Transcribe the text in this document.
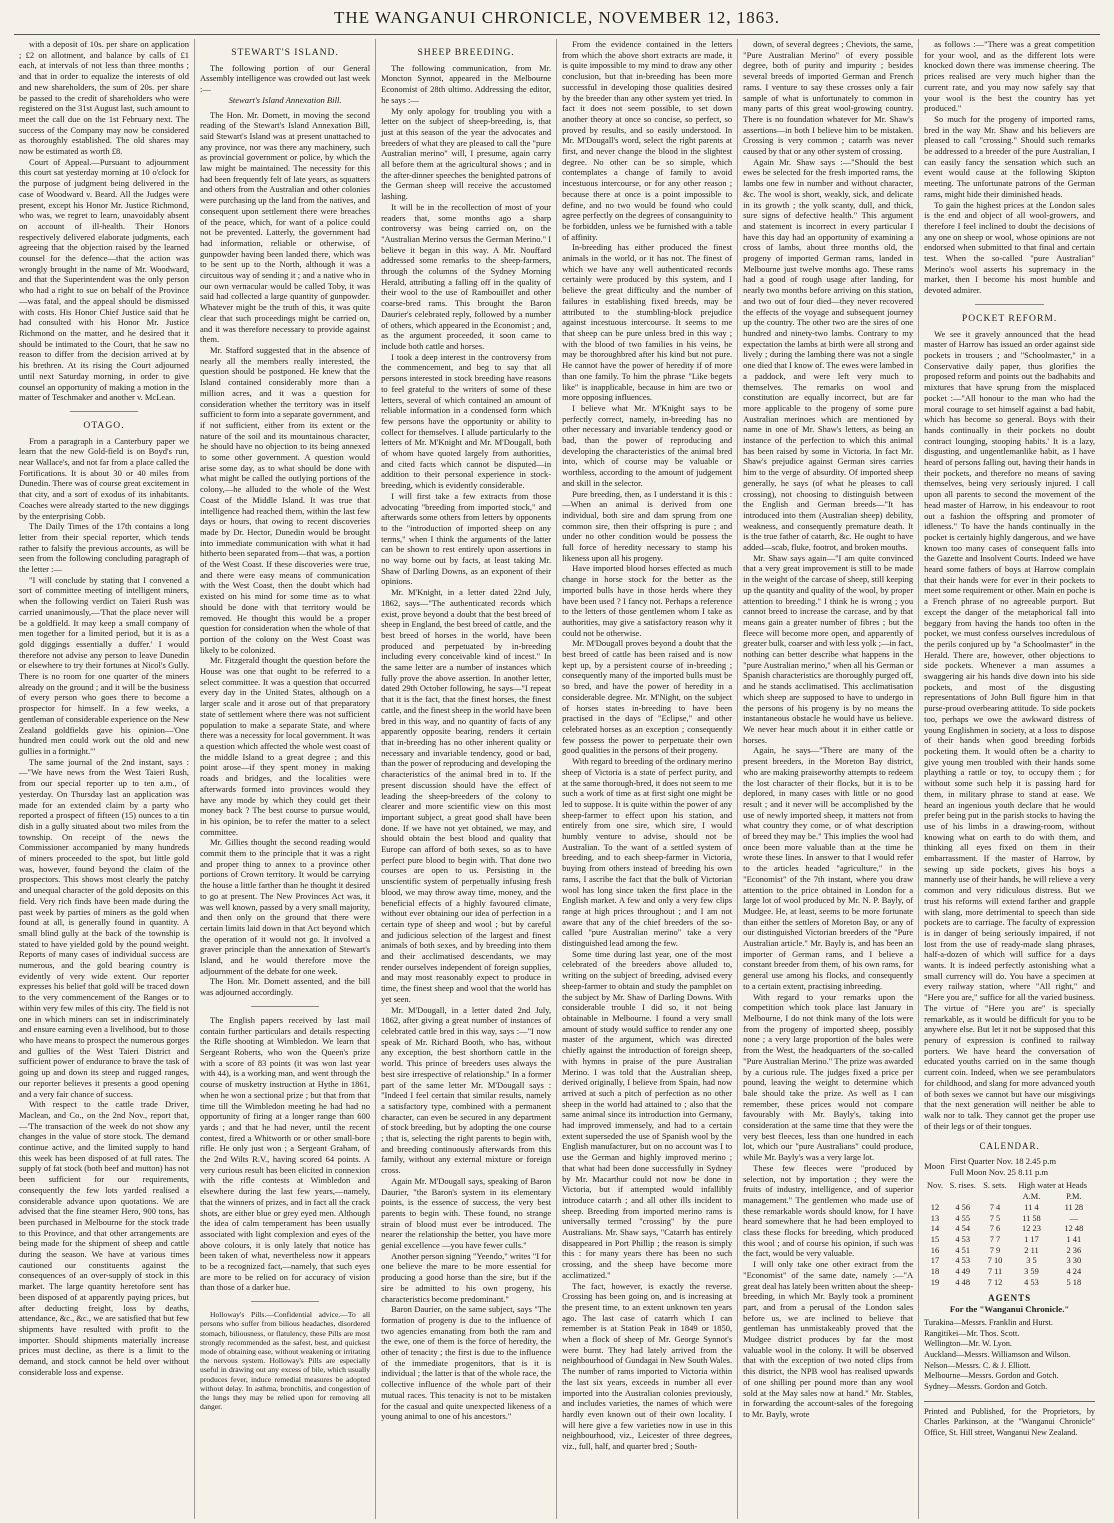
THE WANGANUI CHRONICLE, NOVEMBER 12, 1863.

with a deposit of 10s. per share on application ; £2 on allotment, and balance by calls of £1 each, at intervals of not less than three months ; and that in order to equalize the interests of old and new shareholders, the sum of 20s. per share be passed to the credit of shareholders who were registered on the 31st August last, such amount to meet the call due on the 1st February next. The success of the Company may now be considered as thoroughly established. The old shares may now be estimated as worth £8.

Court of Appeal.—Pursuant to adjournment this court sat yesterday morning at 10 o'clock for the purpose of judgment being delivered in the case of Woodward v. Beard. All the Judges were present, except his Honor Mr. Justice Richmond, who was, we regret to learn, unavoidably absent on account of ill-health. Their Honors respectively delivered elaborate judgments, each agreeing that the objection raised by the learned counsel for the defence—that the action was wrongly brought in the name of Mr. Woodward, and that the Superintendent was the only person who had a right to sue on behalf of the Province—was fatal, and the appeal should be dismissed with costs. His Honor Chief Justice said that he had consulted with his Honor Mr. Justice Richmond on the matter, and he desired that it should be intimated to the Court, that he saw no reason to differ from the decision arrived at by his brethren. At its rising the Court adjourned until next Saturday morning, in order to give counsel an opportunity of making a motion in the matter of Teschmaker and another v. McLean.

OTAGO.

From a paragraph in a Canterbury paper we learn that the new Gold-field is on Boyd's run, near Wallace's, and not far from a place called the Fortifications. It is about 30 or 40 miles from Dunedin. There was of course great excitement in that city, and a sort of exodus of its inhabitants. Coaches were already started to the new diggings by the enterprising Cobb.

The Daily Times of the 17th contains a long letter from their special reporter, which tends rather to falsify the previous accounts, as will be seen from the following concluding paragraph of the letter :—

"I will conclude by stating that I convened a sort of committee meeting of intelligent miners, when the following verdict on Taieri Rush was carried unanimously,—'That the place never will be a goldfield. It may keep a small company of men together for a limited period, but it is as a gold diggings essentially a duffer.' I would therefore not advise any person to leave Dunedin or elsewhere to try their fortunes at Nicol's Gully. There is no room for one quarter of the miners already on the ground ; and it will be the business of every person who goes there to become a prospector for himself. In a few weeks, a gentleman of considerable experience on the New Zealand goldfields gave his opinion—'One hundred men could work out the old and new gullies in a fortnight.'"

The same journal of the 2nd instant, says :—"We have news from the West Taieri Rush, from our special reporter up to ten a.m., of yesterday. On Thursday last an application was made for an extended claim by a party who reported a prospect of fifteen (15) ounces to a tin dish in a gully situated about two miles from the township. On receipt of the news the Commissioner accompanied by many hundreds of miners proceeded to the spot, but little gold was, however, found beyond the claim of the prospectors. This shows most clearly the patchy and unequal character of the gold deposits on this field. Very rich finds have been made during the past week by parties of miners as the gold when found at all, is generally found in quantity. A small blind gully at the back of the township is stated to have yielded gold by the pound weight. Reports of many cases of individual success are numerous, and the gold bearing country is evidently of very wide extent. Our reporter expresses his belief that gold will be traced down to the very commencement of the Ranges or to within very few miles of this city. The field is not one in which miners can set in indiscriminately and ensure earning even a livelihood, but to those who have means to prospect the numerous gorges and gullies of the West Taieri District and sufficient power of endurance to brave the task of going up and down its steep and rugged ranges, our reporter believes it presents a good opening and a very fair chance of success.

With respect to the cattle trade Driver, Maclean, and Co., on the 2nd Nov., report that,—'The transaction of the week do not show any changes in the value of store stock. The demand continue active, and the limited supply to hand this week has been disposed of at full rates. The supply of fat stock (both beef and mutton) has not been sufficient for our requirements, consequently the few lots yarded realised a considerable advance upon quotations. We are advised that the fine steamer Hero, 900 tons, has been purchased in Melbourne for the stock trade to this Province, and that other arrangements are being made for the shipment of sheep and cattle during the season. We have at various times cautioned our constituents against the consequences of an over-supply of stock in this market. The large quantity heretofore sent has been disposed of at apparently paying prices, but after deducting freight, loss by deaths, attendance, &c., &c., we are satisfied that but few shipments have resulted with profit to the importer. Should shipments materially increase prices must decline, as there is a limit to the demand, and stock cannot be held over without considerable loss and expense.

STEWART'S ISLAND.

The following portion of our General Assembly intelligence was crowded out last week :—

Stewart's Island Annexation Bill.

The Hon. Mr. Domett, in moving the second reading of the Stewart's Island Annexation Bill, said Stewart's Island was at present unattached to any province, nor was there any machinery, such as provincial government or police, by which the law might be maintained. The necessity for this had been frequently felt of late years, as squatters and others from the Australian and other colonies were purchasing up the land from the natives, and consequent upon settlement there were breaches of the peace, which, for want of a police could not be prevented. Latterly, the government had had information, reliable or otherwise, of gunpowder having been landed there, which was to be sent up to the North, although it was a circuitous way of sending it ; and a native who in our own vernacular would be called Toby, it was said had collected a large quantity of gunpowder. Whatever might be the truth of this, it was quite clear that such proceedings might be carried on, and it was therefore necessary to provide against them.

Mr. Stafford suggested that in the absence of nearly all the members really interested, the question should be postponed. He knew that the Island contained considerably more than a million acres, and it was a question for consideration whether the territory was in itself sufficient to form into a separate government, and if not sufficient, either from its extent or the nature of the soil and its mountainous character, he should have no objection to its being annexed to some other government. A question would arise some day, as to what should be done with what might be called the outlying portions of the colony,—he alluded to the whole of the West Coast of the Middle Island. It was true that intelligence had reached them, within the last few days or hours, that owing to recent discoveries made by Dr. Hector, Dunedin would be brought into immediate communication with what it had hitherto been separated from—that was, a portion of the West Coast. If these discoveries were true, and there were easy means of communication with the West Coast, then the doubt which had existed on his mind for some time as to what should be done with that territory would be removed. He thought this would be a proper question for consideration when the whole of that portion of the colony on the West Coast was likely to be colonized.

Mr. Fitzgerald thought the question before the House was one that ought to be referred to a select committee. It was a question that occurred every day in the United States, although on a larger scale and it arose out of that preparatory state of settlement where there was not sufficient population to make a separate State, and where there was a necessity for local government. It was a question which affected the whole west coast of the middle Island to a great degree ; and this point arose—if they spent money in making roads and bridges, and the localities were afterwards formed into provinces would they have any mode by which they could get their money back ? The best course to pursue would, in his opinion, be to refer the matter to a select committee.

Mr. Gillies thought the second reading would commit them to the principle that it was a right and proper thing to annex to a province other portions of Crown territory. It would be carrying the house a little farther than he thought it desired to go at present. The New Provinces Act was, it was well known, passed by a very small majority, and then only on the ground that there were certain limits laid down in that Act beyond which the operation of it would not go. It involved a graver principle than the annexation of Stewart's Island, and he would therefore move the adjournment of the debate for one week.

The Hon. Mr. Domett assented, and the bill was adjourned accordingly.

The English papers received by last mail contain further particulars and details respecting the Rifle shooting at Wimbledon. We learn that Sergeant Roberts, who won the Queen's prize with a score of 83 points (it was won last year with 44), is a working man, and went through the course of musketry instruction at Hythe in 1861, when he won a sectional prize ; but that from that time till the Wimbledon meeting he had had no opportunity of firing at a longer range than 600 yards ; and that he had never, until the recent contest, fired a Whitworth or or other small-bore rifle. He only just won ; a Sergeant Graham, of the 2nd Wilts R.V., having scored 64 points. A very curious result has been elicited in connexion with the rifle contests at Wimbledon and elsewhere during the last few years,—namely, that the winners of prizes, and in fact all the crack shots, are either blue or grey eyed men. Although the idea of calm temperament has been usually associated with light complexion and eyes of the above colours, it is only lately that notice has been taken of what, nevertheless now it appears to be a recognized fact,—namely, that such eyes are more to be relied on for accuracy of vision than those of a darker hue.

Holloway's Pills.—Confidential advice.—To all persons who suffer from bilious headaches, disordered stomach, biliousness, or flatulency, these Pills are most strongly recommended as the safest, best, and quickest mode of obtaining ease, without weakening or irritating the nervous system. Holloway's Pills are especially useful in drawing out any excess of bile, which usually produces fever, induce remedial measures be adopted without delay. In asthma, bronchitis, and congestion of the lungs they may be relied upon for removing all danger.

SHEEP BREEDING.

The following communication, from Mr. Moncton Synnot, appeared in the Melbourne Economist of 28th ultimo. Addressing the editor, he says :—

My only apology for troubling you with a letter on the subject of sheep-breeding, is, that just at this season of the year the advocates and breeders of what they are pleased to call the "pure Australian merino" will, I presume, again carry all before them at the agricultural shows ; and in the after-dinner speeches the benighted patrons of the German sheep will receive the accustomed lashing.

It will be in the recollection of most of your readers that, some months ago a sharp controversy was being carried on, on the "Australian Merino versus the German Merino." I believe it began in this way. A Mr. Nouffard addressed some remarks to the sheep-farmers, through the columns of the Sydney Morning Herald, attributing a falling off in the quality of their wool to the use of Rambouillet and other coarse-bred rams. This brought the Baron Daurier's celebrated reply, followed by a number of others, which appeared in the Economist ; and, as the argument proceeded, it soon came to include both cattle and horses.

I took a deep interest in the controversy from the commencement, and beg to say that all persons interested in stock breeding have reasons to feel grateful to the writers of some of these letters, several of which contained an amount of reliable information in a condensed form which few persons have the opportunity or ability to collect for themselves. I allude particularly to the letters of Mr. M'Knight and Mr. M'Dougall, both of whom have quoted largely from authorities, and cited facts which cannot be disputed—in addition to their personal experience in stock-breeding, which is evidently considerable.

I will first take a few extracts from those advocating "breeding from imported stock," and afterwards some others from letters by opponents to the "introduction of imported sheep on any terms," when I think the arguments of the latter can be shown to rest entirely upon assertions in no way borne out by facts, at least taking Mr. Shaw of Darling Downs, as an exponent of their opinions.

Mr. M'Knight, in a letter dated 22nd July, 1862, says—"The authenticated records which exist, prove beyond a doubt that the best breed of sheep in England, the best breed of cattle, and the best breed of horses in the world, have been produced and perpetuated by in-breeding including every conceivable kind of incest." In the same letter are a number of instances which fully prove the above assertion. In another letter, dated 29th October following, he says—"I repeat that it is the fact, that the finest horses, the finest cattle, and the finest sheep in the world have been bred in this way, and no quantity of facts of any apparently opposite bearing, renders it certain that in-breeding has no other inherent quality or necessary and invariable tendency, good or bad, than the power of reproducing and developing the characteristics of the animal bred in to. If the present discussion should have the effect of leading the sheep-breeders of the colony to clearer and more scientific view on this most important subject, a great good shall have been done. If we have not yet obtained, we may, and should obtain the best blood and quality that Europe can afford of both sexes, so as to have perfect pure blood to begin with. That done two courses are open to us. Persisting in the unscientific system of perpetually infusing fresh blood, we may throw away time, money, and the beneficial effects of a highly favoured climate, without ever obtaining our idea of perfection in a certain type of sheep and wool ; but by careful and judicious selection of the largest and finest animals of both sexes, and by breeding into them and their acclimatised descendants, we may render ourselves independent of foreign supplies, and may most reasonably expect to produce in time, the finest sheep and wool that the world has yet seen.

Mr. M'Dougall, in a letter dated 2nd July, 1862, after giving a great number of instances of celebrated cattle bred in this way, says :—"I now speak of Mr. Richard Booth, who has, without any exception, the best shorthorn cattle in the world. This prince of breeders uses always the best sire irrespective of relationship." In a former part of the same letter Mr. M'Dougall says : "Indeed I feel certain that similar results, namely a satisfactory type, combined with a permanent character, can even be secured in any department of stock breeding, but by adopting the one course ; that is, selecting the right parents to begin with, and breeding continuously afterwards from this family, without any external mixture or foreign cross.

Again Mr. M'Dougall says, speaking of Baron Daurier, "the Baron's system in its elementary points, is the essence of success, the very best parents to begin with. These found, no strange strain of blood must ever be introduced. The nearer the relationship the better, you have more genial excellence —you have fewer culls."

Another person signing "Yeendo," writes "I for one believe the mare to be more essential for producing a good horse than the sire, but if the sire be admitted to his own progeny, his characteristics become predominant."

Baron Daurier, on the same subject, says "The formation of progeny is due to the influence of two agencies emanating from both the ram and the ewe, one of them is the force of heredity, the other of tenacity ; the first is due to the influence of the immediate progenitors, that is it is individual ; the latter is that of the whole race, the collective influence of the whole part of their mutual races. This tenacity is not to be mistaken for the casual and quite unexpected likeness of a young animal to one of his ancestors."

From the evidence contained in the letters from which the above short extracts are made, it is quite impossible to my mind to draw any other conclusion, but that in-breeding has been more successful in developing those qualities desired by the breeder than any other system yet tried. In fact it does not seem possible, to set down another theory at once so concise, so perfect, so proved by results, and so easily understood. In Mr. M'Dougall's word, select the right parents at first, and never change the blood in the slightest degree. No other can be so simple, which contemplates a change of family to avoid incestuous intercourse, or for any other reason ; because there at once is a point impossible to define, and no two would be found who could agree perfectly on the degrees of consanguinity to be forbidden, unless we be furnished with a table of affinity.

In-breeding has either produced the finest animals in the world, or it has not. The finest of which we have any well authenticated records certainly were produced by this system, and I believe the great difficulty and the number of failures in establishing fixed breeds, may be attributed to the stumbling-block prejudice against incestuous intercourse. It seems to me that sheep can be pure unless bred in this way ; with the blood of two families in his veins, he may be thoroughbred after his kind but not pure. He cannot have the power of heredity if of more than one family. To him the phrase "Like begets like" is inapplicable, because in him are two or more opposing influences.

I believe what Mr. M'Knight says to be perfectly correct, namely, in-breeding has no other necessary and invariable tendency good or bad, than the power of reproducing and developing the characteristics of the animal bred into, which of course may be valuable or worthless, according to the amount of judgement and skill in the selector.

Pure breeding, then, as I understand it is this :—When an animal is derived from one individual, both sire and dam sprung from one common sire, then their offspring is pure ; and under no other condition would be possess the full force of heredity necessary to stamp his likeness upon all his progeny.

Have imported blood horses effected as much change in horse stock for the better as the imported bulls have in those herds where they have been used ? I fancy not. Perhaps a reference to the letters of those gentlemen whom I take as authorities, may give a satisfactory reason why it could not be otherwise.

Mr. M'Dougall proves beyond a doubt that the best breed of cattle has been raised and is now kept up, by a persistent course of in-breeding ; consequently many of the imported bulls must be so bred, and have the power of heredity in a considerable degree. Mr. M'Night, on the subject of horses states in-breeding to have been practised in the days of "Eclipse," and other celebrated horses as an exception ; consequently few possess the power to perpetuate their own good qualities in the persons of their progeny.

With regard to breeding of the ordinary merino sheep of Victoria is a state of perfect purity, and at the same thorough-bred, it does not seem to me such a work of time as at first sight one might be led to suppose. It is quite within the power of any sheep-farmer to effect upon his station, and entirely from one sire, which sire, I would humbly venture to advise, should not be Australian. To the want of a settled system of breeding, and to each sheep-farmer in Victoria, buying from others instead of breeding his own rams, I ascribe the fact that the bulk of Victorian wool has long since taken the first place in the English market. A few and only a very few clips range at high prices throughout ; and I am not aware that any of the chief breeders of the so-called "pure Australian merino" take a very distinguished lead among the few.

Some time during last year, one of the most celebrated of the breeders above alluded to, writing on the subject of breeding, advised every sheep-farmer to obtain and study the pamphlet on the subject by Mr. Shaw of Darling Downs. With considerable trouble I did so, it not being obtainable in Melbourne. I found a very small amount of study would suffice to render any one master of the argument, which was directed chiefly against the introduction of foreign sheep, with hymns in praise of the pure Australian Merino. I was told that the Australian sheep, derived originally, I believe from Spain, had now arrived at such a pitch of perfection as no other sheep in the world had attained to ; also that the same animal since its introduction into Germany, had improved immensely, and had to a certain extent superseded the use of Spanish wool by the English manufacturer, but on no account was I to use the German and highly improved merino ; that what had been done successfully in Sydney by Mr. Macarthur could not now be done in Victoria, but if attempted would infallibly introduce catarrh ; and all other ills incident to sheep. Breeding from imported merino rams is universally termed "crossing" by the pure Australians. Mr. Shaw says, "Catarrh has entirely disappeared in Port Phillip ; the reason is simply this : for many years there has been no such crossing, and the sheep have become more acclimatized."

The fact, however, is exactly the reverse. Crossing has been going on, and is increasing at the present time, to an extent unknown ten years ago. The last case of catarrh which I can remember is at Station Peak in 1849 or 1850, when a flock of sheep of Mr. George Synnot's were burnt. They had lately arrived from the neighbourhood of Gundagai in New South Wales. The number of rams imported to Victoria within the last six years, exceeds in number all ever imported into the Australian colonies previously, and includes varieties, the names of which were hardly even known out of their own locality. I will here give a few varieties now in use in this neighbourhood, viz., Leicester of three degrees, viz., full, half, and quarter bred ; South-

down, of several degrees ; Cheviots, the same, "Pure Australian Merino" of every possible degree, both of purity and impurity ; besides several breeds of imported German and French rams. I venture to say these crosses only a fair sample of what is unfortunately to common in many parts of this great wool-growing country. There is no foundation whatever for Mr. Shaw's assertions—in both I believe him to be mistaken. Crossing is very common ; catarrh was never caused by that or any other system of crossing.

Again Mr. Shaw says :—"Should the best ewes be selected for the fresh imported rams, the lambs one few in number and without character, &c. The wool is short, weakly, sick, and delicate in its growth ; the yolk scanty, dull, and thick, sure signs of defective health." This argument and statement is incorrect in every particular I have this day had an opportunity of examining a cross of lambs, about three months old, the progeny of imported German rams, landed in Melbourne just twelve months ago. These rams had a good of rough usage after landing, for nearly two months before arriving on this station, and two out of four died—they never recovered the effects of the voyage and subsequent journey up the country. The other two are the sires of one hundred and ninety-two lambs. Contrary to my expectation the lambs at birth were all strong and lively ; during the lambing there was not a single one died that I know of. The ewes were lambed in a paddock, and were left very much to themselves. The remarks on wool and constitution are equally incorrect, but are far more applicable to the progeny of some pure Australian merinoes which are mentioned by name in one of Mr. Shaw's letters, as being an instance of the perfection to which this animal has been raised by some in Victoria. In fact Mr. Shaw's prejudice against German sires carries him to the verge of absurdity. Of imported sheep generally, he says (of what he pleases to call crossing), not choosing to distinguish between the English and German breeds—"It has introduced into them (Australian sheep) debility, weakness, and consequently premature death. It is the true father of catarrh, &c. He ought to have added—scab, fluke, footrot, and broken mouths.

Mr. Shaw says again—"I am quite convinced that a very great improvement is still to be made in the weight of the carcase of sheep, still keeping up the quantity and quality of the wool, by proper attention to breeding." I think he is wrong ; you cannot breed to increase the carcase, and by that means gain a greater number of fibres ; but the fleece will become more open, and apparently of greater bulk, coarser and with less yolk ;—in fact, nothing can better describe what happens in the "pure Australian merino," when all his German or Spanish characteristics are thoroughly purged off, and he stands acclimatised. This acclimatisation which sheep are supposed to have to undergo in the persons of his progeny is by no means the instantaneous obstacle he would have us believe. We never hear much about it in either cattle or horses.

Again, he says—"There are many of the present breeders, in the Moreton Bay district, who are making praiseworthy attempts to redeem the lost character of their flocks, but it is to be deplored, in many cases with little or no good result ; and it never will be accomplished by the use of newly imported sheep, it matters not from what country they come, or of what description of breed they may be." This implies the wool had once been more valuable than at the time he wrote these lines. In answer to that I would refer to the articles headed "agriculture," in the "Economist" of the 7th instant, where you draw attention to the price obtained in London for a large lot of wool produced by Mr. N. P. Bayly, of Mudgee. He, at least, seems to be more fortunate than either the settlers of Moreton Bay, or any of our distinguished Victorian breeders of the "Pure Australian article." Mr. Bayly is, and has been an importer of German rams, and I believe a constant breeder from them, of his own rams, for general use among his flocks, and consequently to a certain extent, practising inbreeding.

With regard to your remarks upon the competition which took place last January in Melbourne, I do not think many of the lots were from the progeny of imported sheep, possibly none ; a very large proportion of the bales were from the West, the headquarters of the so-called "Pure Australian Merino." The prize was awarded by a curious rule. The judges fixed a price per pound, leaving the weight to determine which bale should take the prize. As well as I can remember, these prices would not compare favourably with Mr. Bayly's, taking into consideration at the same time that they were the very best fleeces, less than one hundred in each lot, which our "pure Australians" could produce, while Mr. Bayly's was a very large lot.

These few fleeces were "produced by selection, not by importation ; they were the fruits of industry, intelligence, and of superior management." The gentlemen who made use of these remarkable words should know, for I have heard somewhere that he had been employed to class these flocks for breeding, which produced this wool ; and of course his opinion, if such was the fact, would be very valuable.

I will only take one other extract from the "Economist" of the same date, namely :—"A great deal has lately been written about the sheep-breeding, in which Mr. Bayly took a prominent part, and from a perusal of the London sales before us, we are inclined to believe that gentleman has unmistakeably proved that the Mudgee district produces by far the most valuable wool in the colony. It will be observed that with the exception of two noted clips from this district, the NPB wool has realised upwards of one shilling per pound more than any wool sold at the May sales now at hand." Mr. Stables, in forwarding the account-sales of the foregoing to Mr. Bayly, wrote

as follows :—"There was a great competition for your wool, and as the different lots were knocked down there was immense cheering. The prices realised are very much higher than the current rate, and you may now safely say that your wool is the best the country has yet produced."

So much for the progeny of imported rams, bred in the way Mr. Shaw and his believers are pleased to call "crossing." Should such remarks be addressed to a breeder of the pure Australian, I can easily fancy the sensation which such an event would cause at the following Skipton meeting. The unfortunate patrons of the German rams, might hide their diminished heads.

To gain the highest prices at the London sales is the end and object of all wool-growers, and therefore I feel inclined to doubt the decisions of any one on sheep or wool, whose opinions are not endorsed when submitted to that final and certain test. When the so-called "pure Australian" Merino's wool asserts his supremacy in the market, then I become his most humble and devoted admirer.

POCKET REFORM.

We see it gravely announced that the head master of Harrow has issued an order against side pockets in trousers ; and "Schoolmaster," in a Conservative daily paper, thus glorifies the proposed reform and points out the badhabits and mixtures that have sprung from the misplaced pocket :—"All honour to the man who had the moral courage to set himself against a bad habit, which has become so general. Boys with their hands continually in their pockets no doubt contract lounging, stooping habits.' It is a lazy, disgusting, and ungentlemanlike habit, as I have heard of persons falling out, having their hands in their pockets, and therefore no means of saving themselves, being very seriously injured. I call upon all parents to second the movement of the head master of Harrow, in his endeavour to root out a fashion the offspring and promoter of idleness." To have the hands continually in the pocket is certainly highly dangerous, and we have known too many cases of consequent falls into the Gazette and Insolvent Courts. Indeed we have heard some fathers of boys at Harrow complain that their hands were for ever in their pockets to meet some requirement or other. Main en poche is a French phrase of no agreeable purport. But except the danger of the metaphorical fall into beggary from having the hands too often in the pocket, we must confess ourselves incredulous of the perils conjured up by "a Schoolmaster" in the Herald. There are, however, other objections to side pockets. Whenever a man assumes a swaggering air his hands dive down into his side pockets, and most of the disgusting representations of John Bull figure him in that purse-proud overbearing attitude. To side pockets too, perhaps we owe the awkward distress of young Englishmen in society, at a loss to dispose of their hands when good breeding forbids pocketing them. It would often be a charity to give young men troubled with their hands some plaything a rattle or toy, to occupy them ; for without some such help it is passing hard for them, in military phrase to stand at ease. We heard an ingenious youth declare that he would prefer being put in the parish stocks to having the use of his limbs in a drawing-room, without knowing what on earth to do with them, and thinking all eyes fixed on them in their embarrassment. If the master of Harrow, by sewing up side pockets, gives his boys a mannerly use of their hands, he will relieve a very common and very ridiculous distress. But we trust his reforms will extend farther and grapple with slang, more detrimental to speech than side pockets are to carriage. The faculty of expression is in danger of being seriously impaired, if not lost from the use of ready-made slang phrases, half-a-dozen of which will suffice for a days wants. It is indeed perfectly astonishing what a small currency will do. You have a specimen at every railway station, where "All right," and "Here you are," suffice for all the varied business. The virtue of "Here you are" is specially remarkable, as it would be difficult for you to be anywhere else. But let it not be supposed that this penury of expression is confined to railway porters. We have heard the conversation of educated youths carried on in the same though current coin. Indeed, when we see perambulators for childhood, and slang for more advanced youth of both sexes we cannot but have our misgivings that the next generation will neither be able to walk nor to talk. They cannot get the proper use of their legs or of their tongues.

CALENDAR.
Moon
First Quarter Nov. 18 2.45 p.m
Full Moon Nov. 25 8.11 p.m
Nov.	S. rises.	S. sets.	High water at Heads	
			A.M.	P.M.
12	4 56	7 4	11 4	11 28
13	4 55	7 5	11 58	—
14	4 54	7 6	12 23	12 48
15	4 53	7 7	1 17	1 41
16	4 51	7 9	2 11	2 36
17	4 53	7 10	3 5	3 30
18	4 49	7 11	3 59	4 24
19	4 48	7 12	4 53	5 18
AGENTS
For the "Wanganui Chronicle."

Turakina—Messrs. Franklin and Hurst.

Rangitikei—Mr. Thos. Scott.

Wellington—Mr. W. Lyon.

Auckland—Messrs. Williamson and Wilson.

Nelson—Messrs. C. & J. Elliott.

Melbourne—Messrs. Gordon and Gotch.

Sydney—Messrs. Gordon and Gotch.

Printed and Published, for the Proprietors, by Charles Parkinson, at the "Wanganui Chronicle" Office, St. Hill street, Wanganui New Zealand.
